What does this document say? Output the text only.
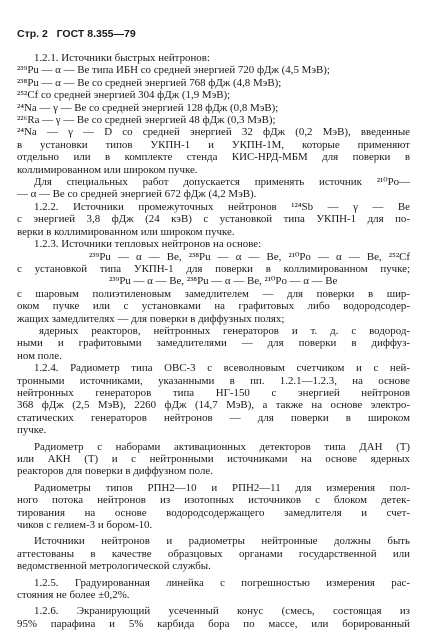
Стр. 2 ГОСТ 8.355—79
1.2.1. Источники быстрых нейтронов:
²³⁹Pu — α — Be типа ИБН со средней энергией 720 фДж (4,5 МэВ);
²³⁸Pu — α — Be со средней энергией 768 фДж (4,8 МэВ);
²⁵²Cf со средней энергией 304 фДж (1,9 МэВ);
²⁴Na — γ — Be со средней энергией 128 фДж (0,8 МэВ);
²²⁶Ra — γ — Be со средней энергией 48 фДж (0,3 МэВ);
²⁴Na — γ — D со средней энергией 32 фДж (0,2 МэВ), введенные
в установки типов УКПН-1 и УКПН-1М, которые применяют
отдельно или в комплекте стенда КИС-НРД-МБМ для поверки в
коллимированном или широком пучке.
Для специальных работ допускается применять источник ²¹⁰Po—
— α — Be со средней энергией 672 фДж (4,2 МэВ).
1.2.2. Источники промежуточных нейтронов ¹²⁴Sb — γ — Be
с энергией 3,8 фДж (24 кэВ) с установкой типа УКПН-1 для по-
верки в коллимированном или широком пучке.
1.2.3. Источники тепловых нейтронов на основе:
²³⁹Pu — α — Be, ²³⁸Pu — α — Be, ²¹⁰Po — α — Be, ²⁵²Cf
с установкой типа УКПН-1 для поверки в коллимированном пучке;
²³⁹Pu — α — Be, ²³⁸Pu — α — Be, ²¹⁰Po — α — Be
с шаровым полиэтиленовым замедлителем — для поверки в шир-
оком пучке или с установками на графитовых либо водородсодер-
жащих замедлителях — для поверки в диффузных полях;
ядерных реакторов, нейтронных генераторов и т. д. с водород-
ными и графитовыми замедлителями — для поверки в диффуз-
ном поле.
1.2.4. Радиометр типа ОВС-3 с всеволновым счетчиком и с ней-
тронными источниками, указанными в пп. 1.2.1—1.2.3, на основе
нейтронных генераторов типа НГ-150 с энергией нейтронов
368 фДж (2,5 МэВ), 2260 фДж (14,7 МэВ), а также на основе электро-
статических генераторов нейтронов — для поверки в широком
пучке.
Радиометр с наборами активационных детекторов типа ДАН (Т)
или АКН (Т) и с нейтронными источниками на основе ядерных
реакторов для поверки в диффузном поле.
Радиометры типов РПН2—10 и РПН2—11 для измерения пол-
ного потока нейтронов из изотопных источников с блоком детек-
тирования на основе водородсодержащего замедлителя и счет-
чиков с гелием-3 и бором-10.
Источники нейтронов и радиометры нейтронные должны быть
аттестованы в качестве образцовых органами государственной или
ведомственной метрологической службы.
1.2.5. Градуированная линейка с погрешностью измерения рас-
стояния не более ±0,2%.
1.2.6. Экранирующий усеченный конус (смесь, состоящая из
95% парафина и 5% карбида бора по массе, или борированный
